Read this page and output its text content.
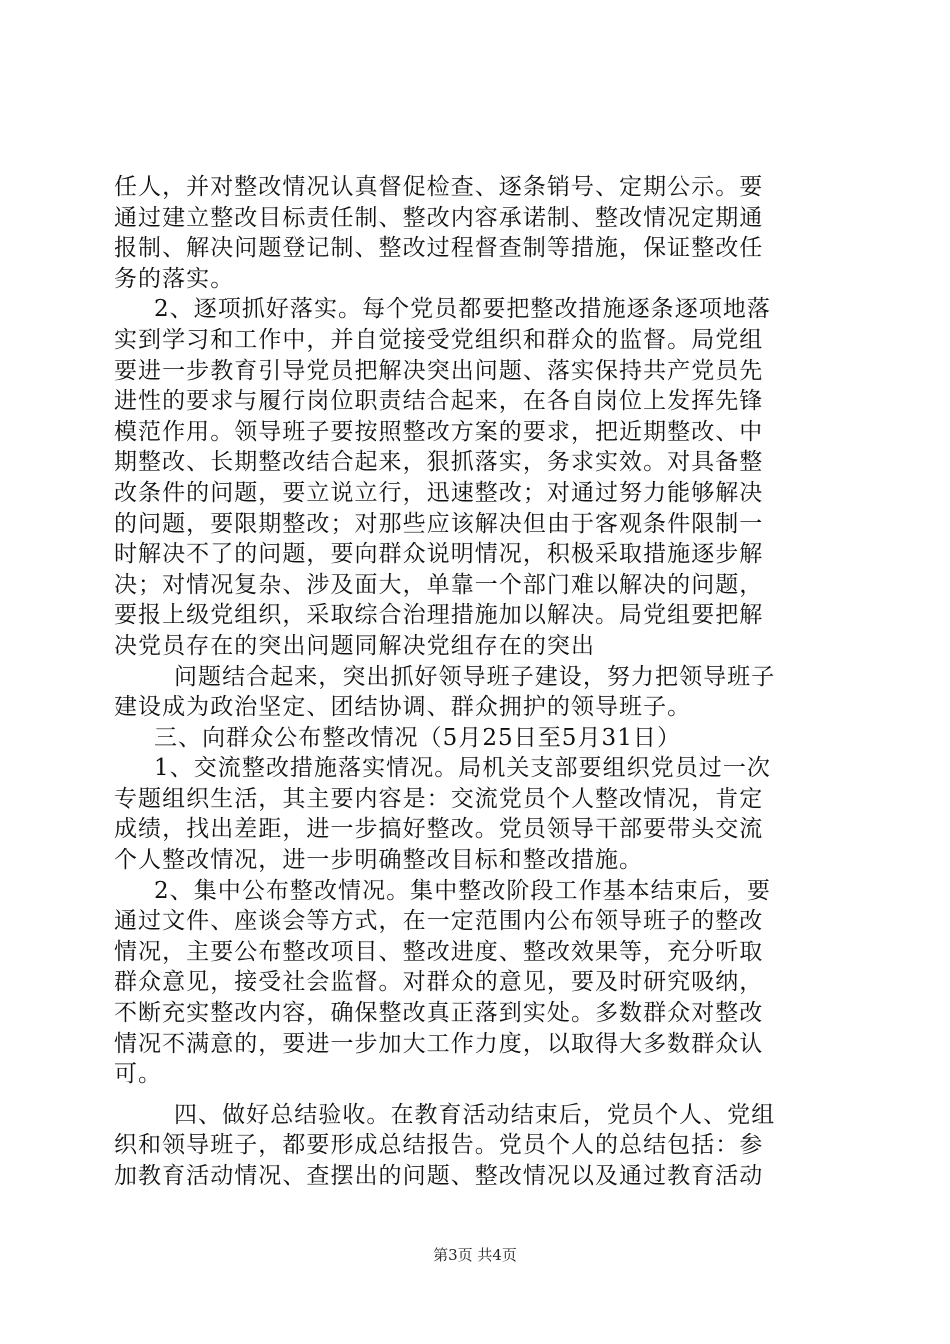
任人，并对整改情况认真督促检查、逐条销号、定期公示。要
通过建立整改目标责任制、整改内容承诺制、整改情况定期通
报制、解决问题登记制、整改过程督查制等措施，保证整改任
务的落实。
2、逐项抓好落实。每个党员都要把整改措施逐条逐项地落
实到学习和工作中，并自觉接受党组织和群众的监督。局党组
要进一步教育引导党员把解决突出问题、落实保持共产党员先
进性的要求与履行岗位职责结合起来，在各自岗位上发挥先锋
模范作用。领导班子要按照整改方案的要求，把近期整改、中
期整改、长期整改结合起来，狠抓落实，务求实效。对具备整
改条件的问题，要立说立行，迅速整改；对通过努力能够解决
的问题，要限期整改；对那些应该解决但由于客观条件限制一
时解决不了的问题，要向群众说明情况，积极采取措施逐步解
决；对情况复杂、涉及面大，单靠一个部门难以解决的问题，
要报上级党组织，采取综合治理措施加以解决。局党组要把解
决党员存在的突出问题同解决党组存在的突出
问题结合起来，突出抓好领导班子建设，努力把领导班子
建设成为政治坚定、团结协调、群众拥护的领导班子。
三、向群众公布整改情况（5月25日至5月31日）
1、交流整改措施落实情况。局机关支部要组织党员过一次
专题组织生活，其主要内容是：交流党员个人整改情况，肯定
成绩，找出差距，进一步搞好整改。党员领导干部要带头交流
个人整改情况，进一步明确整改目标和整改措施。
2、集中公布整改情况。集中整改阶段工作基本结束后，要
通过文件、座谈会等方式，在一定范围内公布领导班子的整改
情况，主要公布整改项目、整改进度、整改效果等，充分听取
群众意见，接受社会监督。对群众的意见，要及时研究吸纳，
不断充实整改内容，确保整改真正落到实处。多数群众对整改
情况不满意的，要进一步加大工作力度，以取得大多数群众认
可。
四、做好总结验收。在教育活动结束后，党员个人、党组
织和领导班子，都要形成总结报告。党员个人的总结包括：参
加教育活动情况、查摆出的问题、整改情况以及通过教育活动
第3页 共4页
